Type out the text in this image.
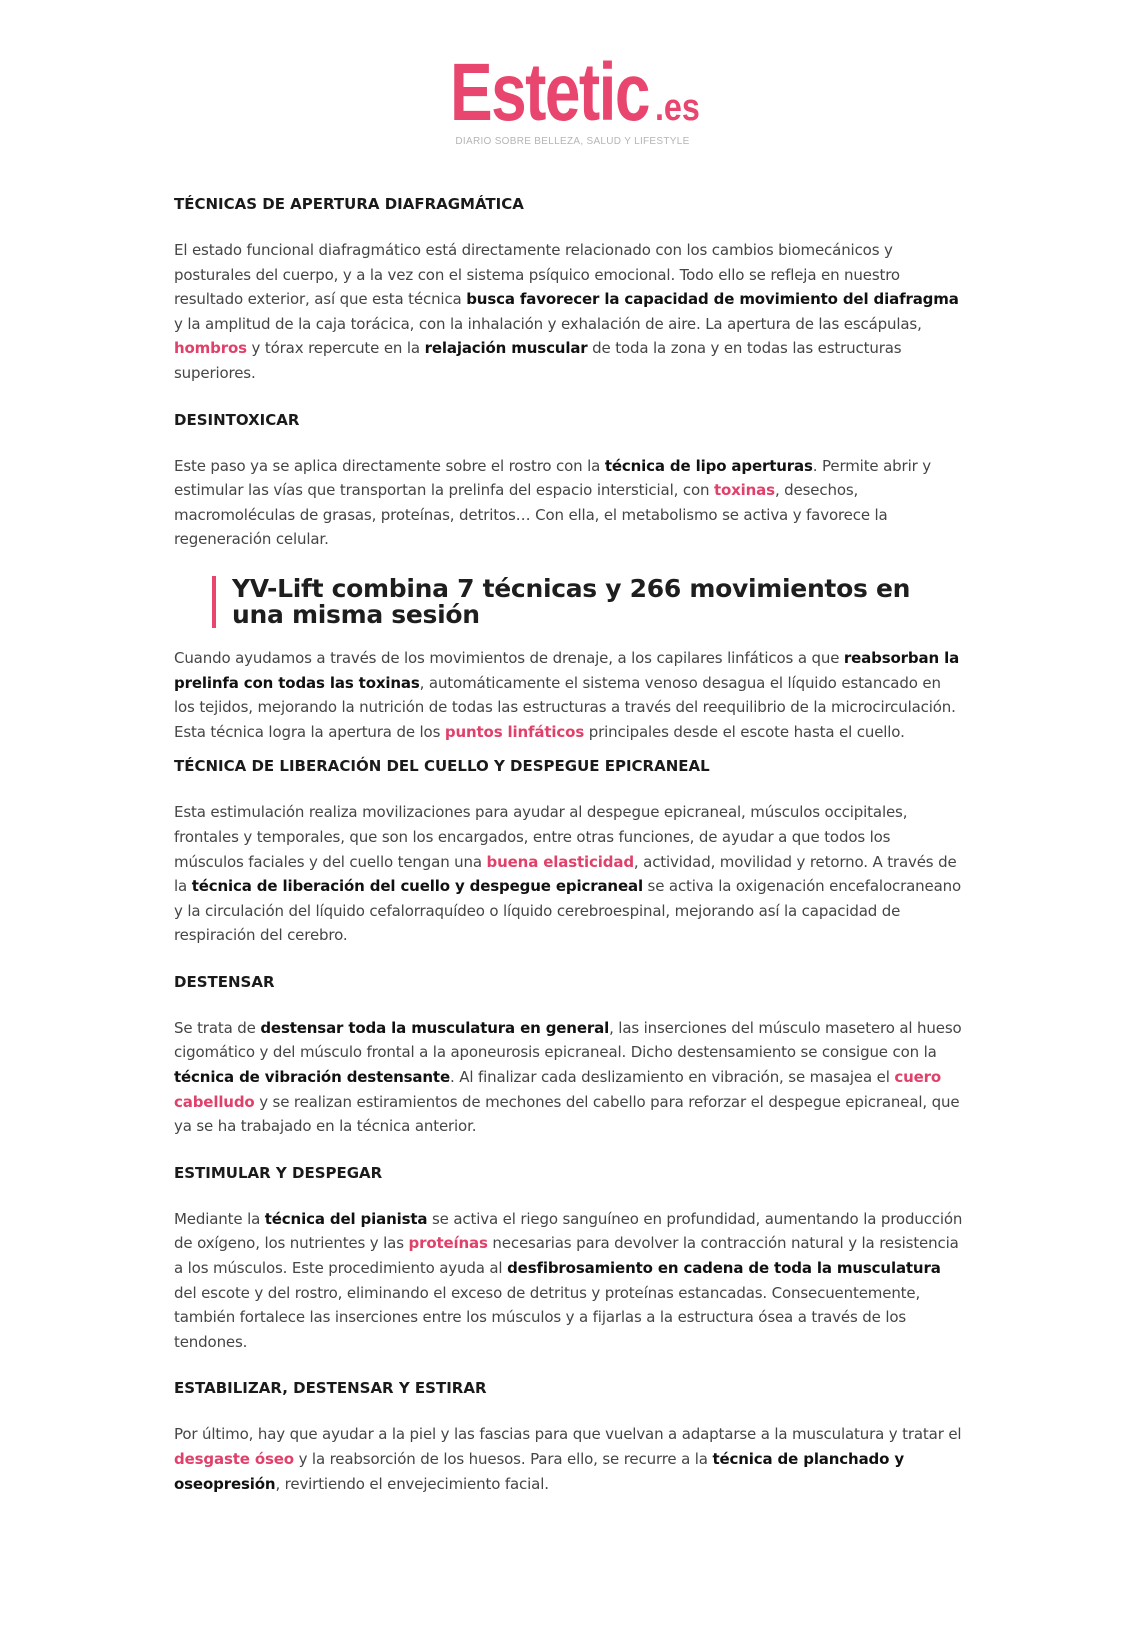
Estetic .es
DIARIO SOBRE BELLEZA, SALUD Y LIFESTYLE
TÉCNICAS DE APERTURA DIAFRAGMÁTICA

El estado funcional diafragmático está directamente relacionado con los cambios biomecánicos y posturales del cuerpo, y a la vez con el sistema psíquico emocional. Todo ello se refleja en nuestro resultado exterior, así que esta técnica busca favorecer la capacidad de movimiento del diafragma y la amplitud de la caja torácica, con la inhalación y exhalación de aire. La apertura de las escápulas, hombros y tórax repercute en la relajación muscular de toda la zona y en todas las estructuras superiores.

DESINTOXICAR

Este paso ya se aplica directamente sobre el rostro con la técnica de lipo aperturas. Permite abrir y estimular las vías que transportan la prelinfa del espacio intersticial, con toxinas, desechos, macromoléculas de grasas, proteínas, detritos… Con ella, el metabolismo se activa y favorece la regeneración celular.

YV-Lift combina 7 técnicas y 266 movimientos en una misma sesión

Cuando ayudamos a través de los movimientos de drenaje, a los capilares linfáticos a que reabsorban la prelinfa con todas las toxinas, automáticamente el sistema venoso desagua el líquido estancado en los tejidos, mejorando la nutrición de todas las estructuras a través del reequilibrio de la microcirculación. Esta técnica logra la apertura de los puntos linfáticos principales desde el escote hasta el cuello.

TÉCNICA DE LIBERACIÓN DEL CUELLO Y DESPEGUE EPICRANEAL

Esta estimulación realiza movilizaciones para ayudar al despegue epicraneal, músculos occipitales, frontales y temporales, que son los encargados, entre otras funciones, de ayudar a que todos los músculos faciales y del cuello tengan una buena elasticidad, actividad, movilidad y retorno. A través de la técnica de liberación del cuello y despegue epicraneal se activa la oxigenación encefalocraneano y la circulación del líquido cefalorraquídeo o líquido cerebroespinal, mejorando así la capacidad de respiración del cerebro.

DESTENSAR

Se trata de destensar toda la musculatura en general, las inserciones del músculo masetero al hueso cigomático y del músculo frontal a la aponeurosis epicraneal. Dicho destensamiento se consigue con la técnica de vibración destensante. Al finalizar cada deslizamiento en vibración, se masajea el cuero cabelludo y se realizan estiramientos de mechones del cabello para reforzar el despegue epicraneal, que ya se ha trabajado en la técnica anterior.

ESTIMULAR Y DESPEGAR

Mediante la técnica del pianista se activa el riego sanguíneo en profundidad, aumentando la producción de oxígeno, los nutrientes y las proteínas necesarias para devolver la contracción natural y la resistencia a los músculos. Este procedimiento ayuda al desfibrosamiento en cadena de toda la musculatura del escote y del rostro, eliminando el exceso de detritus y proteínas estancadas. Consecuentemente, también fortalece las inserciones entre los músculos y a fijarlas a la estructura ósea a través de los tendones.

ESTABILIZAR, DESTENSAR Y ESTIRAR

Por último, hay que ayudar a la piel y las fascias para que vuelvan a adaptarse a la musculatura y tratar el desgaste óseo y la reabsorción de los huesos. Para ello, se recurre a la técnica de planchado y oseopresión, revirtiendo el envejecimiento facial.
